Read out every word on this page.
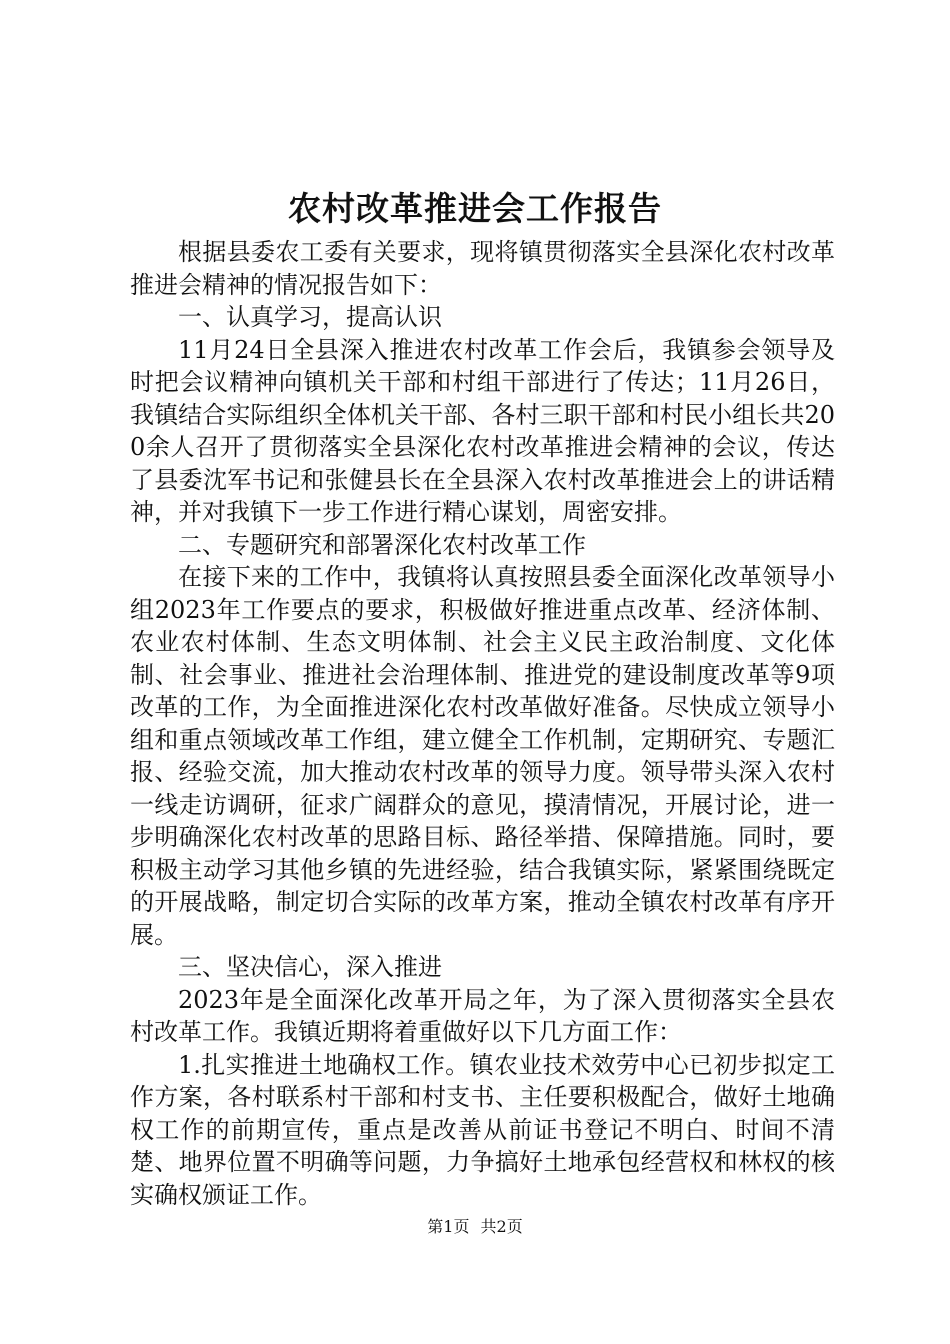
农村改革推进会工作报告

根据县委农工委有关要求，现将镇贯彻落实全县深化农村改革推进会精神的情况报告如下：

一、认真学习，提高认识

11月24日全县深入推进农村改革工作会后，我镇参会领导及时把会议精神向镇机关干部和村组干部进行了传达；11月26日，我镇结合实际组织全体机关干部、各村三职干部和村民小组长共200余人召开了贯彻落实全县深化农村改革推进会精神的会议，传达了县委沈军书记和张健县长在全县深入农村改革推进会上的讲话精神，并对我镇下一步工作进行精心谋划，周密安排。

二、专题研究和部署深化农村改革工作

在接下来的工作中，我镇将认真按照县委全面深化改革领导小组2023年工作要点的要求，积极做好推进重点改革、经济体制、农业农村体制、生态文明体制、社会主义民主政治制度、文化体制、社会事业、推进社会治理体制、推进党的建设制度改革等9项改革的工作，为全面推进深化农村改革做好准备。尽快成立领导小组和重点领域改革工作组，建立健全工作机制，定期研究、专题汇报、经验交流，加大推动农村改革的领导力度。领导带头深入农村一线走访调研，征求广阔群众的意见，摸清情况，开展讨论，进一步明确深化农村改革的思路目标、路径举措、保障措施。同时，要积极主动学习其他乡镇的先进经验，结合我镇实际，紧紧围绕既定的开展战略，制定切合实际的改革方案，推动全镇农村改革有序开展。

三、坚决信心，深入推进

2023年是全面深化改革开局之年，为了深入贯彻落实全县农村改革工作。我镇近期将着重做好以下几方面工作：

1.扎实推进土地确权工作。镇农业技术效劳中心已初步拟定工作方案，各村联系村干部和村支书、主任要积极配合，做好土地确权工作的前期宣传，重点是改善从前证书登记不明白、时间不清楚、地界位置不明确等问题，力争搞好土地承包经营权和林权的核实确权颁证工作。

第1页 共2页
